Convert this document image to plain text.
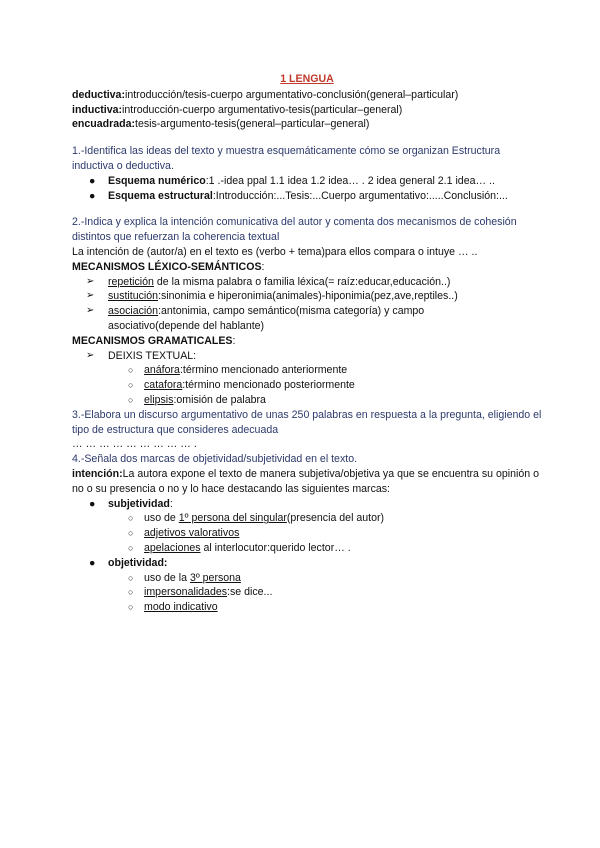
1 LENGUA
deductiva:introducción/tesis-cuerpo argumentativo-conclusión(general–particular)
inductiva:introducción-cuerpo argumentativo-tesis(particular–general)
encuadrada:tesis-argumento-tesis(general–particular–general)
1.-Identifica las ideas del texto y muestra esquemáticamente cómo se organizan Estructura inductiva o deductiva.
● Esquema numérico:1 .-idea ppal 1.1 idea 1.2 idea… . 2 idea general 2.1 idea… ..
● Esquema estructural:Introducción:...Tesis:...Cuerpo argumentativo:.....Conclusión:...
2.-Indica y explica la intención comunicativa del autor y comenta dos mecanismos de cohesión distintos que refuerzan la coherencia textual
La intención de (autor/a) en el texto es (verbo + tema)para ellos compara o intuye … ..
MECANISMOS LÉXICO-SEMÁNTICOS:
➢ repetición de la misma palabra o familia léxica(= raíz:educar,educación..)
➢ sustitución:sinonimia e hiperonimia(animales)-hiponimia(pez,ave,reptiles..)
➢ asociación:antonimia, campo semántico(misma categoría) y campo asociativo(depende del hablante)
MECANISMOS GRAMATICALES:
➢ DEIXIS TEXTUAL:
○ anáfora:término mencionado anteriormente
○ catafora:término mencionado posteriormente
○ elipsis:omisión de palabra
3.-Elabora un discurso argumentativo de unas 250 palabras en respuesta a la pregunta, eligiendo el tipo de estructura que consideres adecuada
… … … … … … … … … .
4.-Señala dos marcas de objetividad/subjetividad en el texto.
intención:La autora expone el texto de manera subjetiva/objetiva ya que se encuentra su opinión o no o su presencia o no y lo hace destacando las siguientes marcas:
● subjetividad:
○ uso de 1º persona del singular(presencia del autor)
○ adjetivos valorativos
○ apelaciones al interlocutor:querido lector… .
● objetividad:
○ uso de la 3º persona
○ impersonalidades:se dice...
○ modo indicativo
